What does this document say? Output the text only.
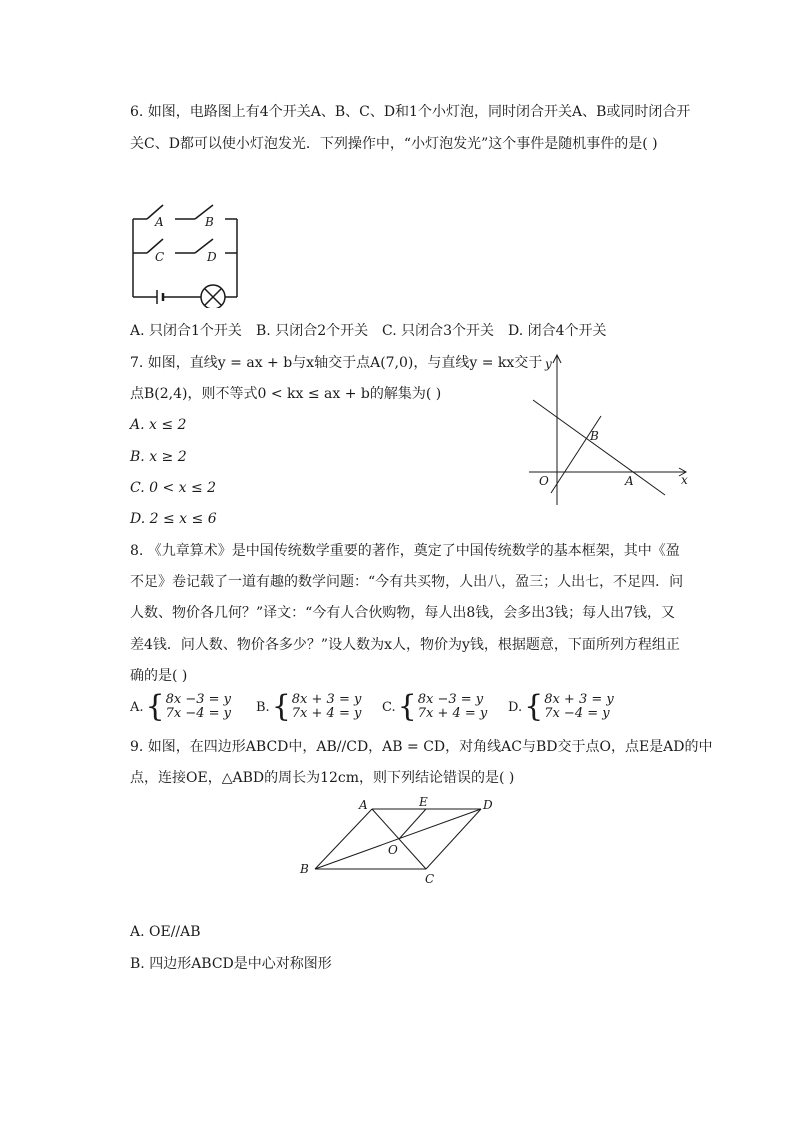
6. 如图，电路图上有4个开关A、B、C、D和1个小灯泡，同时闭合开关A、B或同时闭合开
关C、D都可以使小灯泡发光．下列操作中，“小灯泡发光”这个事件是随机事件的是( )
A	B
C	D
A. 只闭合1个开关 B. 只闭合2个开关 C. 只闭合3个开关 D. 闭合4个开关
7. 如图，直线y = ax + b与x轴交于点A(7,0)，与直线y = kx交于
点B(2,4)，则不等式0 < kx ≤ ax + b的解集为( )
A. x ≤ 2
B. x ≥ 2
C. 0 < x ≤ 2
D. 2 ≤ x ≤ 6
y
x
O	A
B
8. 《九章算术》是中国传统数学重要的著作，奠定了中国传统数学的基本框架，其中《盈
不足》卷记载了一道有趣的数学问题：“今有共买物，人出八，盈三；人出七，不足四．问
人数、物价各几何？”译文：“今有人合伙购物，每人出8钱，会多出3钱；每人出7钱，又
差4钱．问人数、物价各多少？”设人数为x人，物价为y钱，根据题意，下面所列方程组正
确的是( )
A. { 8x −3 = y
7x −4 = y B. { 8x + 3 = y
7x + 4 = y C. { 8x −3 = y
7x + 4 = y D. { 8x + 3 = y
7x −4 = y
9. 如图，在四边形ABCD中，AB//CD，AB = CD，对角线AC与BD交于点O，点E是AD的中
点，连接OE，△ABD的周长为12cm，则下列结论错误的是( )
A	E	D
O
B
C
A. OE//AB
B. 四边形ABCD是中心对称图形
